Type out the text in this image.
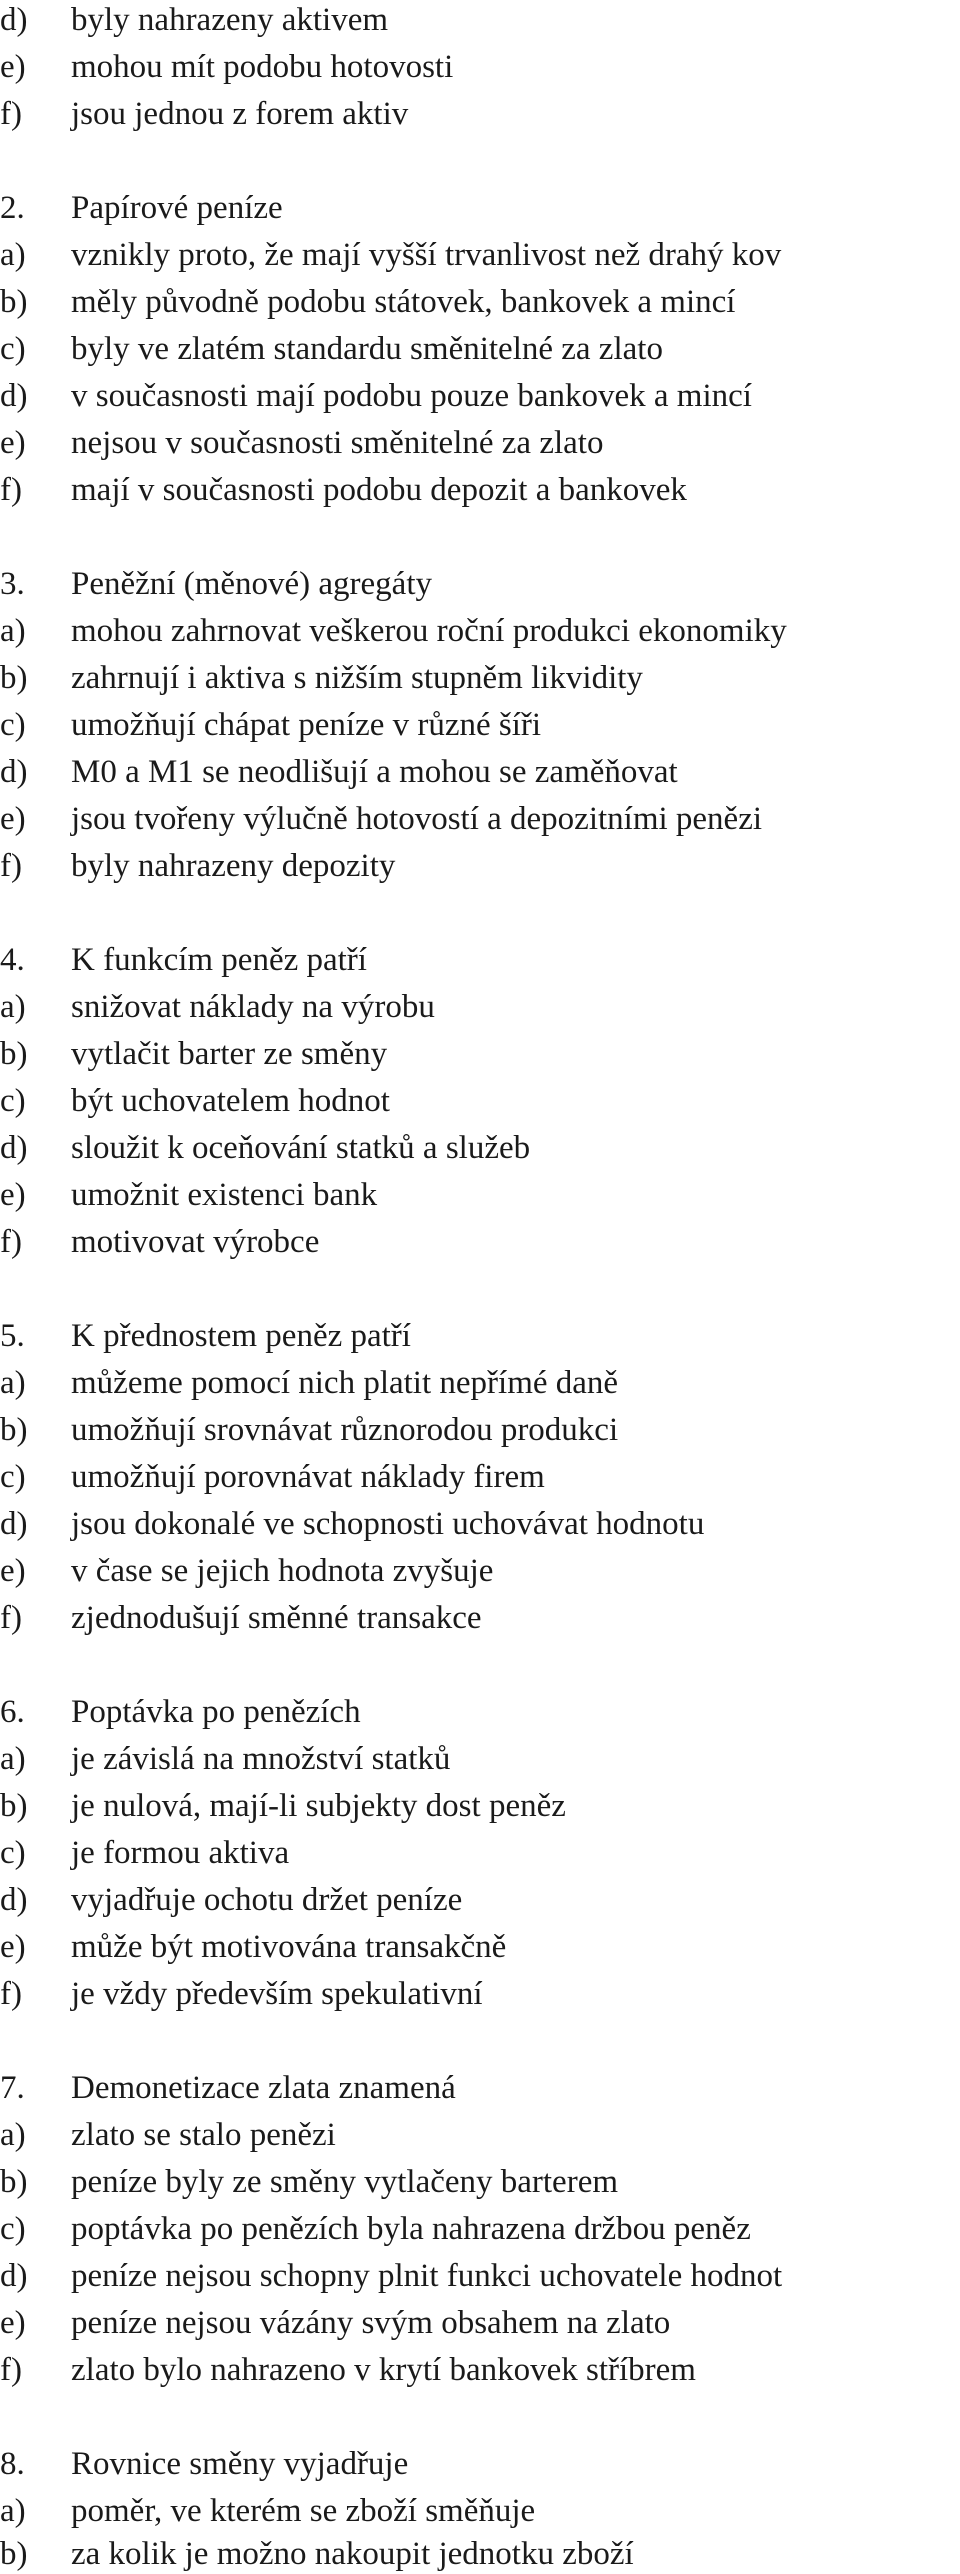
d) byly nahrazeny aktivem
e) mohou mít podobu hotovosti
f) jsou jednou z forem aktiv
2. Papírové peníze
a) vznikly proto, že mají vyšší trvanlivost než drahý kov
b) měly původně podobu státovek, bankovek a mincí
c) byly ve zlatém standardu směnitelné za zlato
d) v současnosti mají podobu pouze bankovek a mincí
e) nejsou v současnosti směnitelné za zlato
f) mají v současnosti podobu depozit a bankovek
3. Peněžní (měnové) agregáty
a) mohou zahrnovat veškerou roční produkci ekonomiky
b) zahrnují i aktiva s nižším stupněm likvidity
c) umožňují chápat peníze v různé šíři
d) M0 a M1 se neodlišují a mohou se zaměňovat
e) jsou tvořeny výlučně hotovostí a depozitními penězi
f) byly nahrazeny depozity
4. K funkcím peněz patří
a) snižovat náklady na výrobu
b) vytlačit barter ze směny
c) být uchovatelem hodnot
d) sloužit k oceňování statků a služeb
e) umožnit existenci bank
f) motivovat výrobce
5. K přednostem peněz patří
a) můžeme pomocí nich platit nepřímé daně
b) umožňují srovnávat různorodou produkci
c) umožňují porovnávat náklady firem
d) jsou dokonalé ve schopnosti uchovávat hodnotu
e) v čase se jejich hodnota zvyšuje
f) zjednodušují směnné transakce
6. Poptávka po penězích
a) je závislá na množství statků
b) je nulová, mají-li subjekty dost peněz
c) je formou aktiva
d) vyjadřuje ochotu držet peníze
e) může být motivována transakčně
f) je vždy především spekulativní
7. Demonetizace zlata znamená
a) zlato se stalo penězi
b) peníze byly ze směny vytlačeny barterem
c) poptávka po penězích byla nahrazena držbou peněz
d) peníze nejsou schopny plnit funkci uchovatele hodnot
e) peníze nejsou vázány svým obsahem na zlato
f) zlato bylo nahrazeno v krytí bankovek stříbrem
8. Rovnice směny vyjadřuje
a) poměr, ve kterém se zboží směňuje
b) za kolik je možno nakoupit jednotku zboží
